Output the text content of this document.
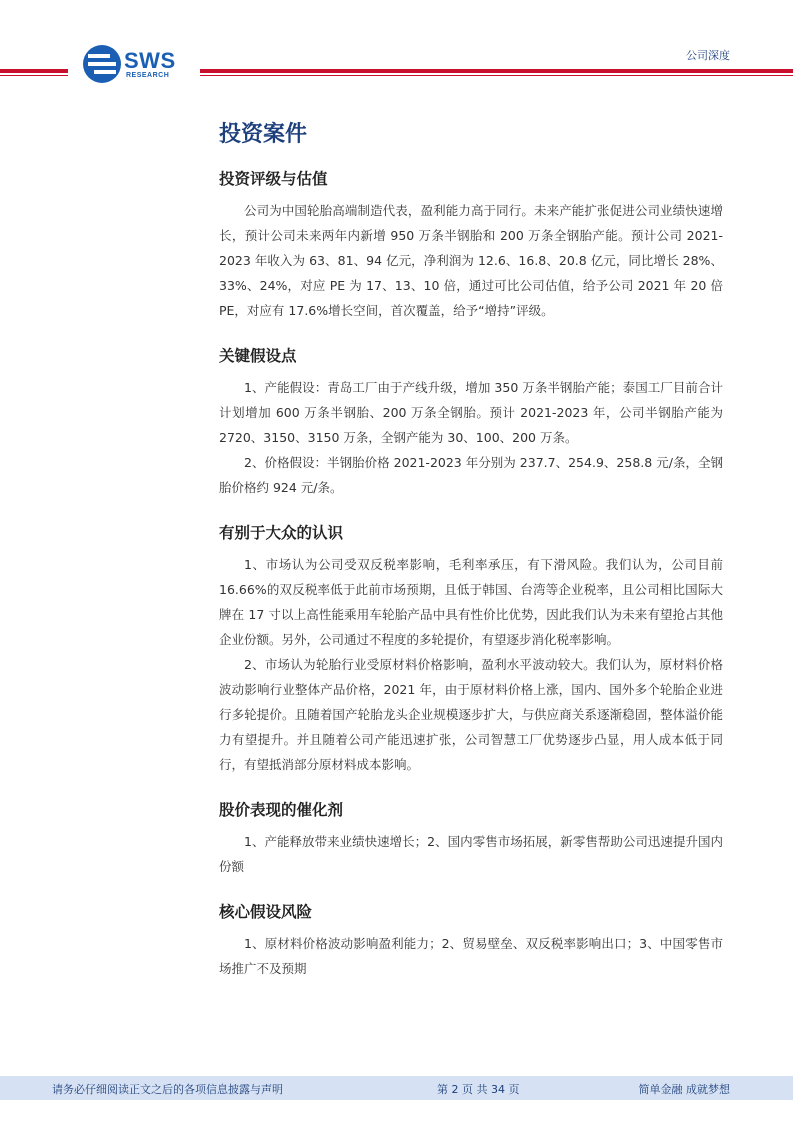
SWS
RESEARCH
公司深度
投资案件
投资评级与估值

公司为中国轮胎高端制造代表，盈利能力高于同行。未来产能扩张促进公司业绩快速增长，预计公司未来两年内新增 950 万条半钢胎和 200 万条全钢胎产能。预计公司 2021-2023 年收入为 63、81、94 亿元，净利润为 12.6、16.8、20.8 亿元，同比增长 28%、33%、24%，对应 PE 为 17、13、10 倍，通过可比公司估值，给予公司 2021 年 20 倍PE，对应有 17.6%增长空间，首次覆盖，给予“增持”评级。

关键假设点

1、产能假设：青岛工厂由于产线升级，增加 350 万条半钢胎产能；泰国工厂目前合计计划增加 600 万条半钢胎、200 万条全钢胎。预计 2021-2023 年，公司半钢胎产能为 2720、3150、3150 万条，全钢产能为 30、100、200 万条。

2、价格假设：半钢胎价格 2021-2023 年分别为 237.7、254.9、258.8 元/条，全钢胎价格约 924 元/条。

有别于大众的认识

1、市场认为公司受双反税率影响，毛利率承压，有下滑风险。我们认为，公司目前 16.66%的双反税率低于此前市场预期，且低于韩国、台湾等企业税率，且公司相比国际大牌在 17 寸以上高性能乘用车轮胎产品中具有性价比优势，因此我们认为未来有望抢占其他企业份额。另外，公司通过不程度的多轮提价，有望逐步消化税率影响。

2、市场认为轮胎行业受原材料价格影响，盈利水平波动较大。我们认为，原材料价格波动影响行业整体产品价格，2021 年，由于原材料价格上涨，国内、国外多个轮胎企业进行多轮提价。且随着国产轮胎龙头企业规模逐步扩大，与供应商关系逐渐稳固，整体溢价能力有望提升。并且随着公司产能迅速扩张，公司智慧工厂优势逐步凸显，用人成本低于同行，有望抵消部分原材料成本影响。

股价表现的催化剂

1、产能释放带来业绩快速增长；2、国内零售市场拓展，新零售帮助公司迅速提升国内份额

核心假设风险

1、原材料价格波动影响盈利能力；2、贸易壁垒、双反税率影响出口；3、中国零售市场推广不及预期

请务必仔细阅读正文之后的各项信息披露与声明	第 2 页 共 34 页	简单金融 成就梦想
